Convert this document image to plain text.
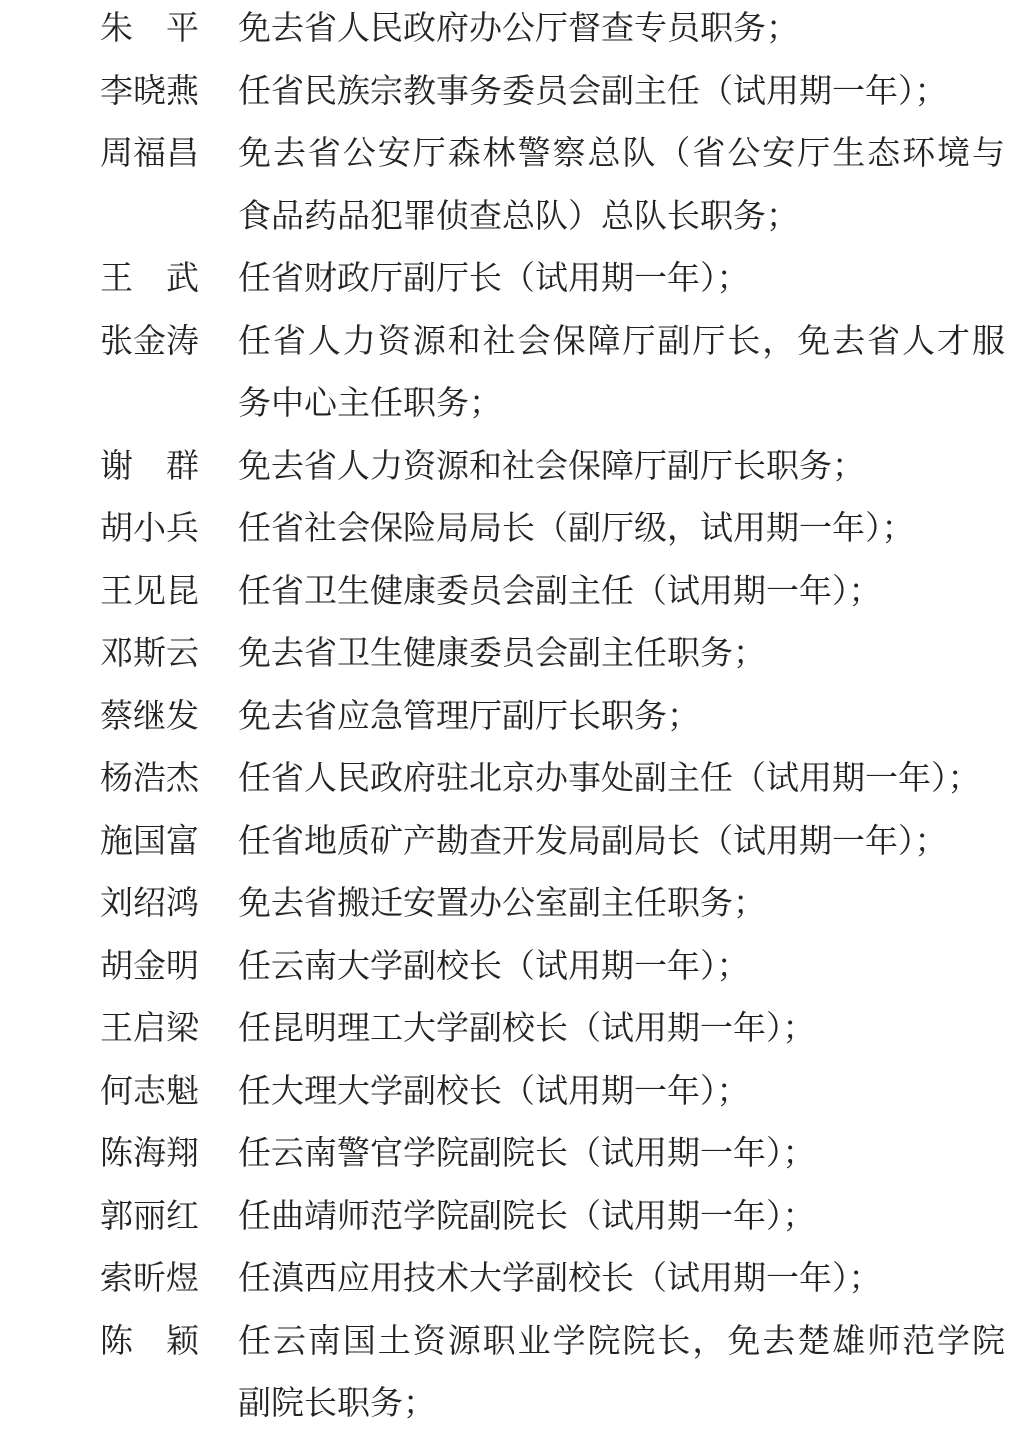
朱平 免去省人民政府办公厅督查专员职务；
李晓燕 任省民族宗教事务委员会副主任（试用期一年）；
周福昌 免去省公安厅森林警察总队（省公安厅生态环境与
食品药品犯罪侦查总队）总队长职务；
王武 任省财政厅副厅长（试用期一年）；
张金涛 任省人力资源和社会保障厅副厅长，免去省人才服
务中心主任职务；
谢群 免去省人力资源和社会保障厅副厅长职务；
胡小兵 任省社会保险局局长（副厅级，试用期一年）；
王见昆 任省卫生健康委员会副主任（试用期一年）；
邓斯云 免去省卫生健康委员会副主任职务；
蔡继发 免去省应急管理厅副厅长职务；
杨浩杰 任省人民政府驻北京办事处副主任（试用期一年）；
施国富 任省地质矿产勘查开发局副局长（试用期一年）；
刘绍鸿 免去省搬迁安置办公室副主任职务；
胡金明 任云南大学副校长（试用期一年）；
王启梁 任昆明理工大学副校长（试用期一年）；
何志魁 任大理大学副校长（试用期一年）；
陈海翔 任云南警官学院副院长（试用期一年）；
郭丽红 任曲靖师范学院副院长（试用期一年）；
索昕煜 任滇西应用技术大学副校长（试用期一年）；
陈颖 任云南国土资源职业学院院长，免去楚雄师范学院
副院长职务；
